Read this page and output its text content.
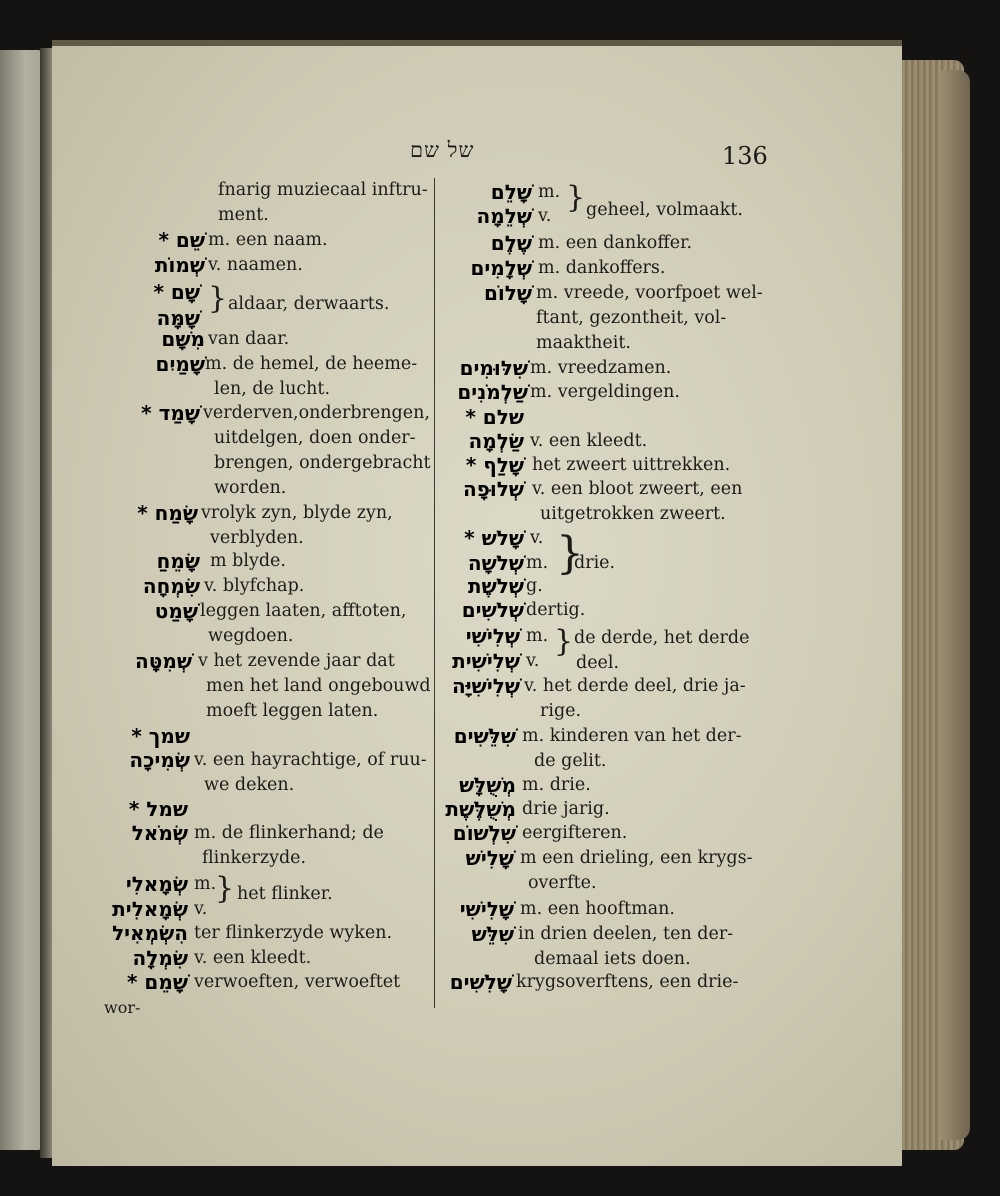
של שם	136
fnarig muziecaal inftru-
ment.
שֵׁם * m. een naam.
שְׁמוֹת v. naamen.
שָׁם *
שָׁמָּה
} aldaar, derwaarts.
מִשָּׁם van daar.
שָׁמַיִם m. de hemel, de heeme-
len, de lucht.
שָׁמַד * verderven,onderbrengen,
uitdelgen, doen onder-
brengen, ondergebracht
worden.
שָׂמַח * vrolyk zyn, blyde zyn,
verblyden.
שָׂמֵחַ m blyde.
שִׂמְחָה v. blyfchap.
שָׁמַט leggen laaten, afftoten,
wegdoen.
שְׁמִטָּה v het zevende jaar dat
men het land ongebouwd
moeft leggen laten.
שמך *
שְׂמִיכָה v. een hayrachtige, of ruu-
we deken.
שמל *
שְׂמֹאל m. de flinkerhand; de
flinkerzyde.
שְׂמָאלִי m.
שְׂמָאלִית v.
} het flinker.
הִשְׂמְאִיל ter flinkerzyde wyken.
שִׂמְלָה v. een kleedt.
שָׁמֵם * verwoeften, verwoeftet
wor-
שָׁלֵם m.
שְׁלֵמָה v.
} geheel, volmaakt.
שֶׁלֶם m. een dankoffer.
שְׁלָמִים m. dankoffers.
שָׁלוֹם m. vreede, voorfpoet wel-
ftant, gezontheit, vol-
maaktheit.
שִׁלּוּמִים m. vreedzamen.
שַׁלְמֹנִים m. vergeldingen.
שלם *
שַׂלְמָה v. een kleedt.
שָׁלַף * het zweert uittrekken.
שְׁלוּפָה v. een bloot zweert, een
uitgetrokken zweert.
שָׁלשׁ * v.
שְׁלשָׁה m.
שְׁלשֶׁת g.
}
drie.
שְׁלשִׁים dertig.
שְׁלִישִׁי m.
שְׁלִישִׁית v.
} de derde, het derde
deel.
שְׁלִישִׁיָּה v. het derde deel, drie ja-
rige.
שִׁלֵּשִׁים m. kinderen van het der-
de gelit.
מְשֻׁלָּשׁ m. drie.
מְשֻׁלֶּשֶׁת drie jarig.
שִׁלְשׁוֹם eergifteren.
שָׁלִישׁ m een drieling, een krygs-
overfte.
שָׁלִישִׁי m. een hooftman.
שִׁלֵּשׁ in drien deelen, ten der-
demaal iets doen.
שָׁלִשִׁים krygsoverftens, een drie-
